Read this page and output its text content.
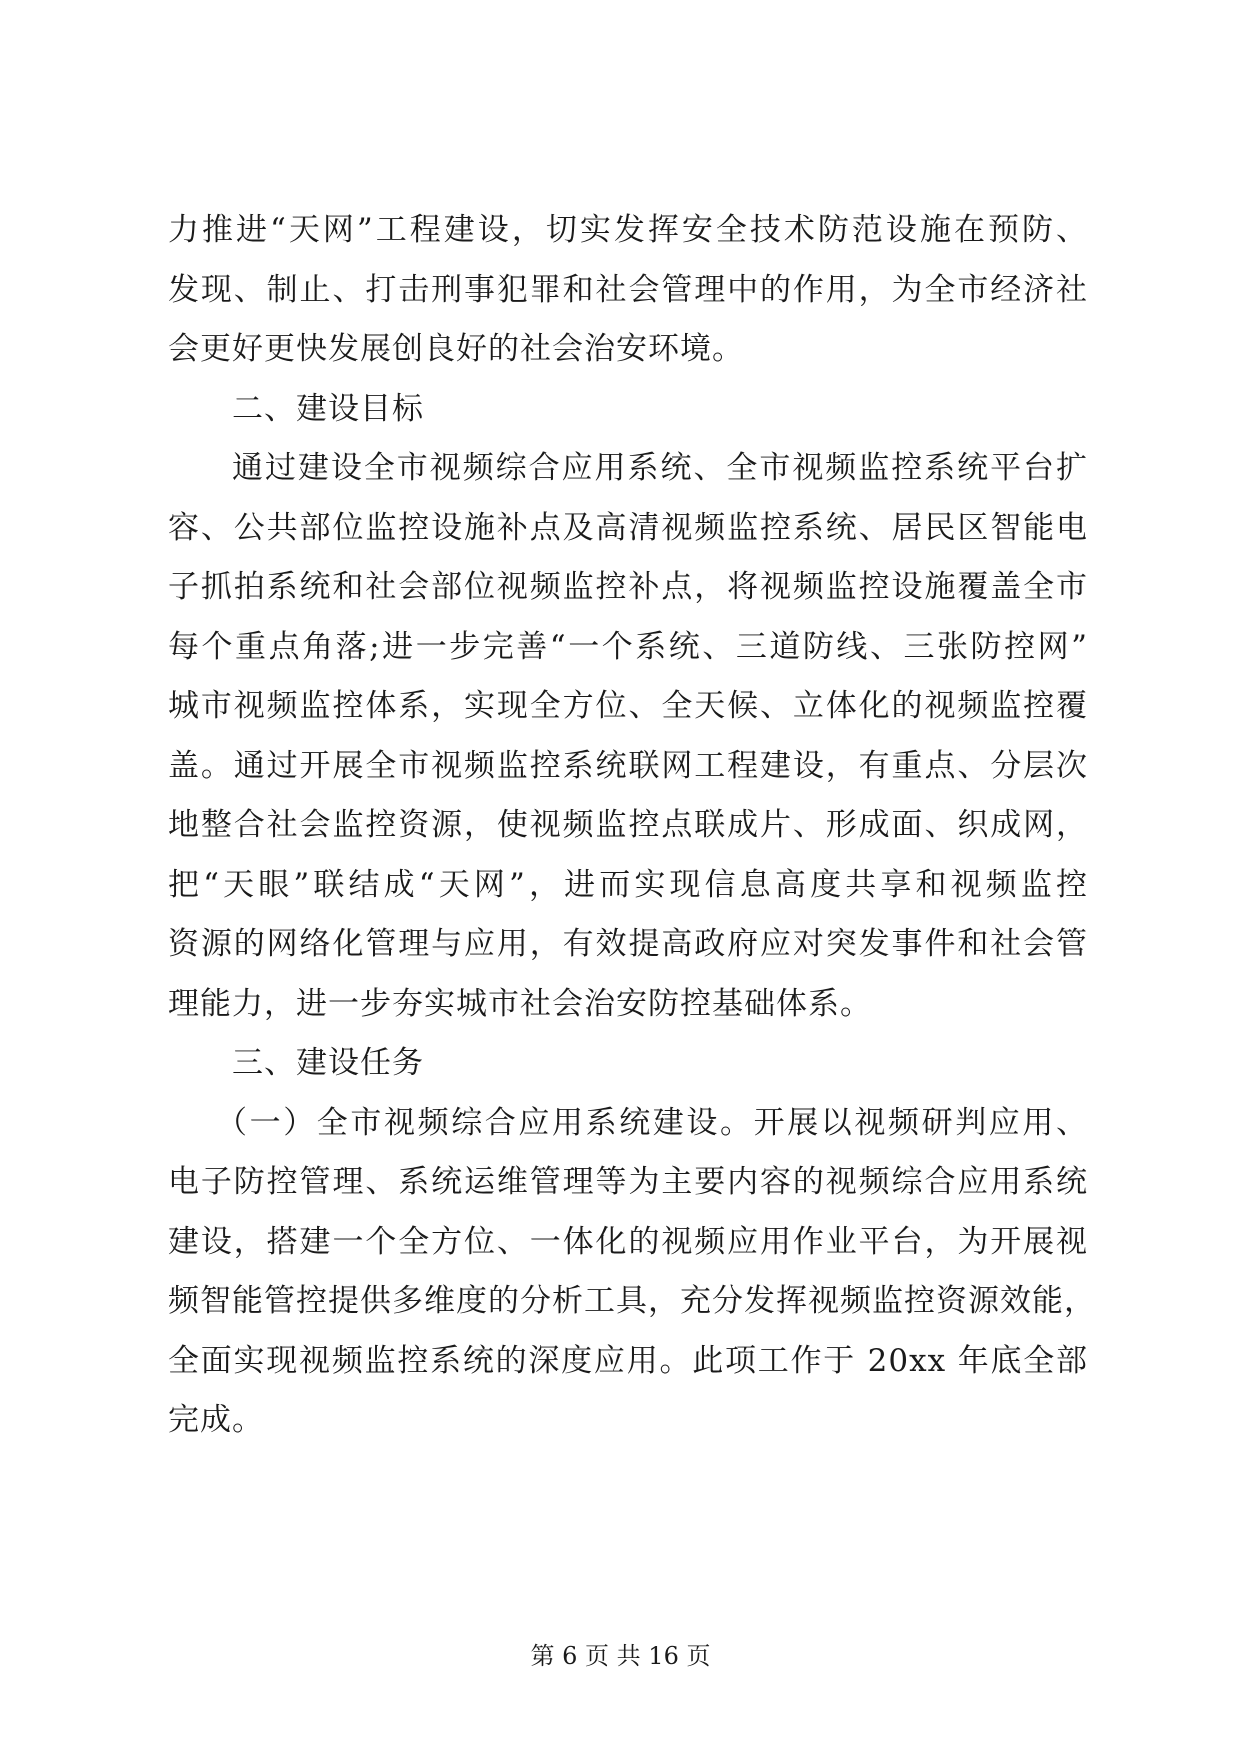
力推进“天网”工程建设，切实发挥安全技术防范设施在预防、
发现、制止、打击刑事犯罪和社会管理中的作用，为全市经济社
会更好更快发展创良好的社会治安环境。
二、建设目标
通过建设全市视频综合应用系统、全市视频监控系统平台扩
容、公共部位监控设施补点及高清视频监控系统、居民区智能电
子抓拍系统和社会部位视频监控补点，将视频监控设施覆盖全市
每个重点角落;进一步完善“一个系统、三道防线、三张防控网”
城市视频监控体系，实现全方位、全天候、立体化的视频监控覆
盖。通过开展全市视频监控系统联网工程建设，有重点、分层次
地整合社会监控资源，使视频监控点联成片、形成面、织成网，
把“天眼”联结成“天网”，进而实现信息高度共享和视频监控
资源的网络化管理与应用，有效提高政府应对突发事件和社会管
理能力，进一步夯实城市社会治安防控基础体系。
三、建设任务
（一）全市视频综合应用系统建设。开展以视频研判应用、
电子防控管理、系统运维管理等为主要内容的视频综合应用系统
建设，搭建一个全方位、一体化的视频应用作业平台，为开展视
频智能管控提供多维度的分析工具，充分发挥视频监控资源效能，
全面实现视频监控系统的深度应用。此项工作于 20xx 年底全部
完成。
第 6 页 共 16 页
